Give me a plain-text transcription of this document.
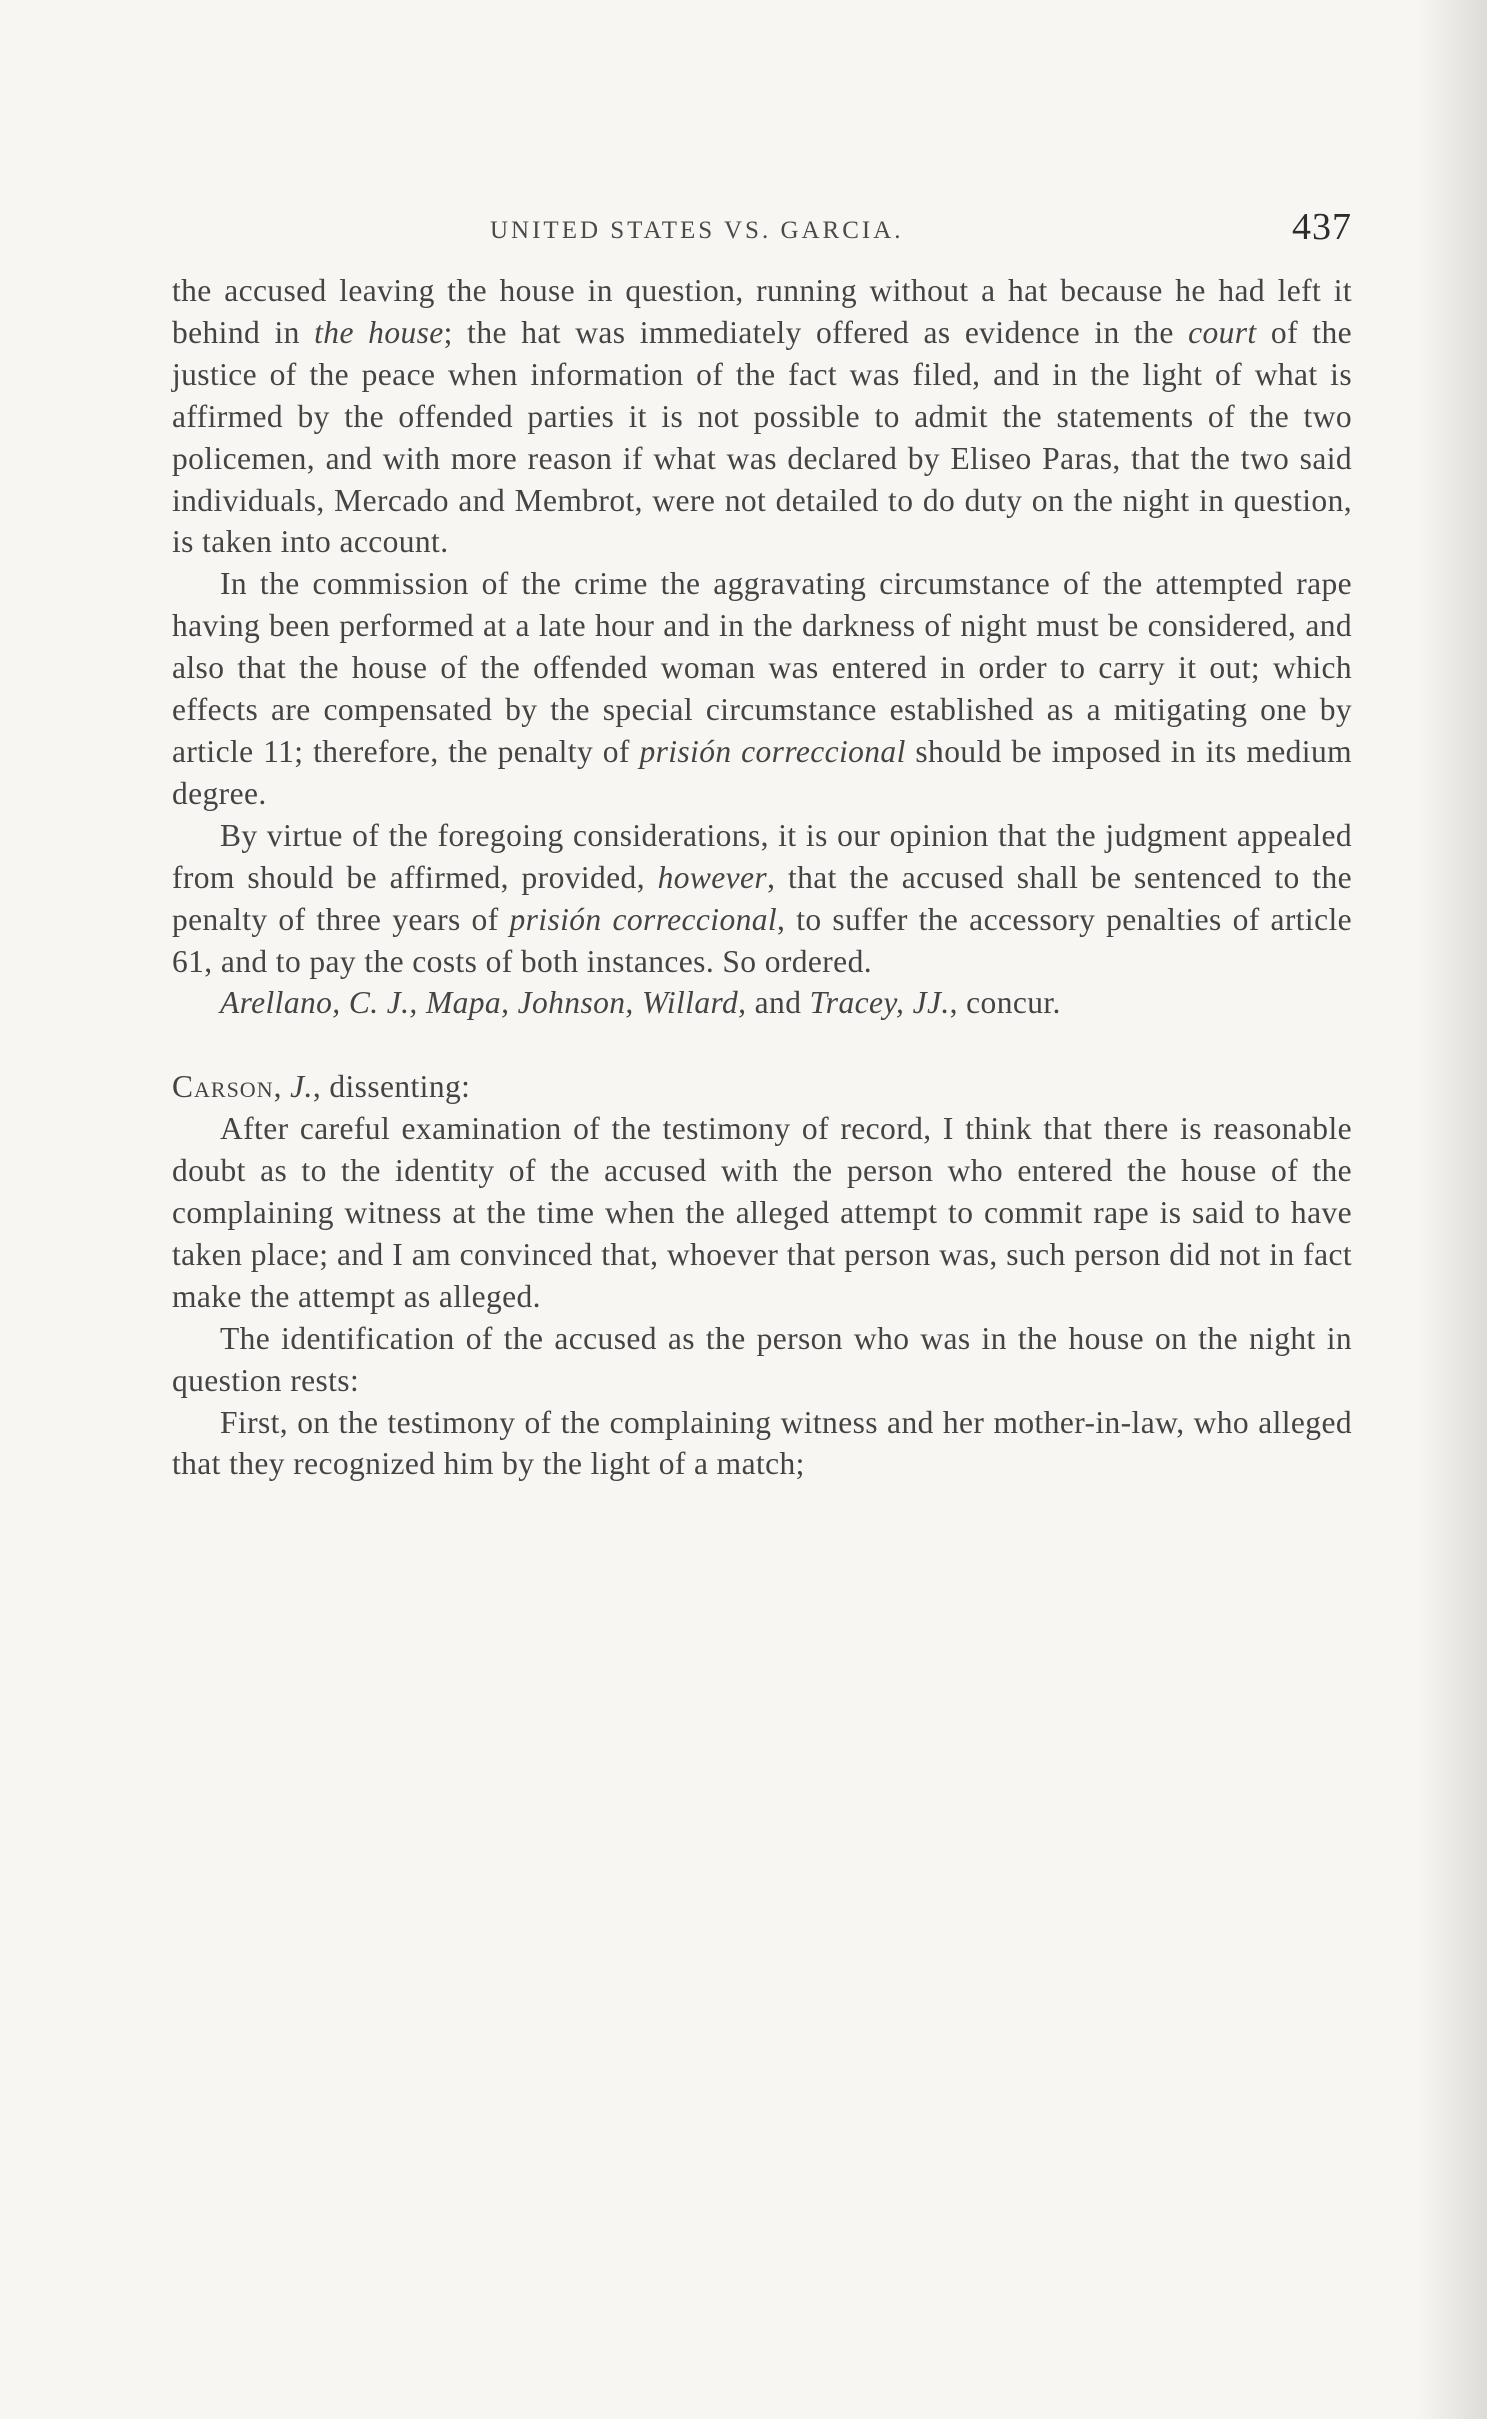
UNITED STATES VS. GARCIA.	437

the accused leaving the house in question, running without a hat because he had left it behind in the house; the hat was immediately offered as evidence in the court of the justice of the peace when information of the fact was filed, and in the light of what is affirmed by the offended parties it is not possible to admit the statements of the two policemen, and with more reason if what was declared by Eliseo Paras, that the two said individuals, Mercado and Membrot, were not detailed to do duty on the night in question, is taken into account.

In the commission of the crime the aggravating circumstance of the attempted rape having been performed at a late hour and in the darkness of night must be considered, and also that the house of the offended woman was entered in order to carry it out; which effects are compensated by the special circumstance established as a mitigating one by article 11; therefore, the penalty of prisión correccional should be imposed in its medium degree.

By virtue of the foregoing considerations, it is our opinion that the judgment appealed from should be affirmed, provided, however, that the accused shall be sentenced to the penalty of three years of prisión correccional, to suffer the accessory penalties of article 61, and to pay the costs of both instances. So ordered.

Arellano, C. J., Mapa, Johnson, Willard, and Tracey, JJ., concur.

Carson, J., dissenting:

After careful examination of the testimony of record, I think that there is reasonable doubt as to the identity of the accused with the person who entered the house of the complaining witness at the time when the alleged attempt to commit rape is said to have taken place; and I am convinced that, whoever that person was, such person did not in fact make the attempt as alleged.

The identification of the accused as the person who was in the house on the night in question rests:

First, on the testimony of the complaining witness and her mother-in-law, who alleged that they recognized him by the light of a match;
